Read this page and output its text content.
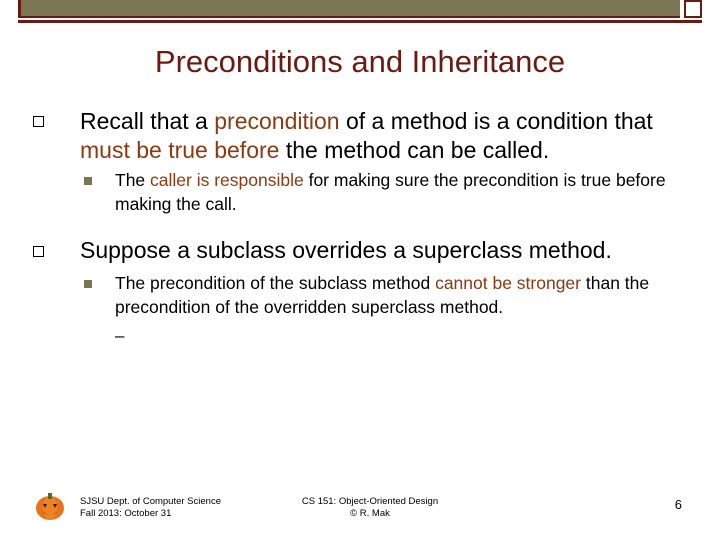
Preconditions and Inheritance
Recall that a precondition of a method is a condition that must be true before the method can be called.
The caller is responsible for making sure the precondition is true before making the call.
Suppose a subclass overrides a superclass method.
The precondition of the subclass method cannot be stronger than the precondition of the overridden superclass method.
–
SJSU Dept. of Computer Science
Fall 2013: October 31
CS 151: Object-Oriented Design
© R. Mak
6
